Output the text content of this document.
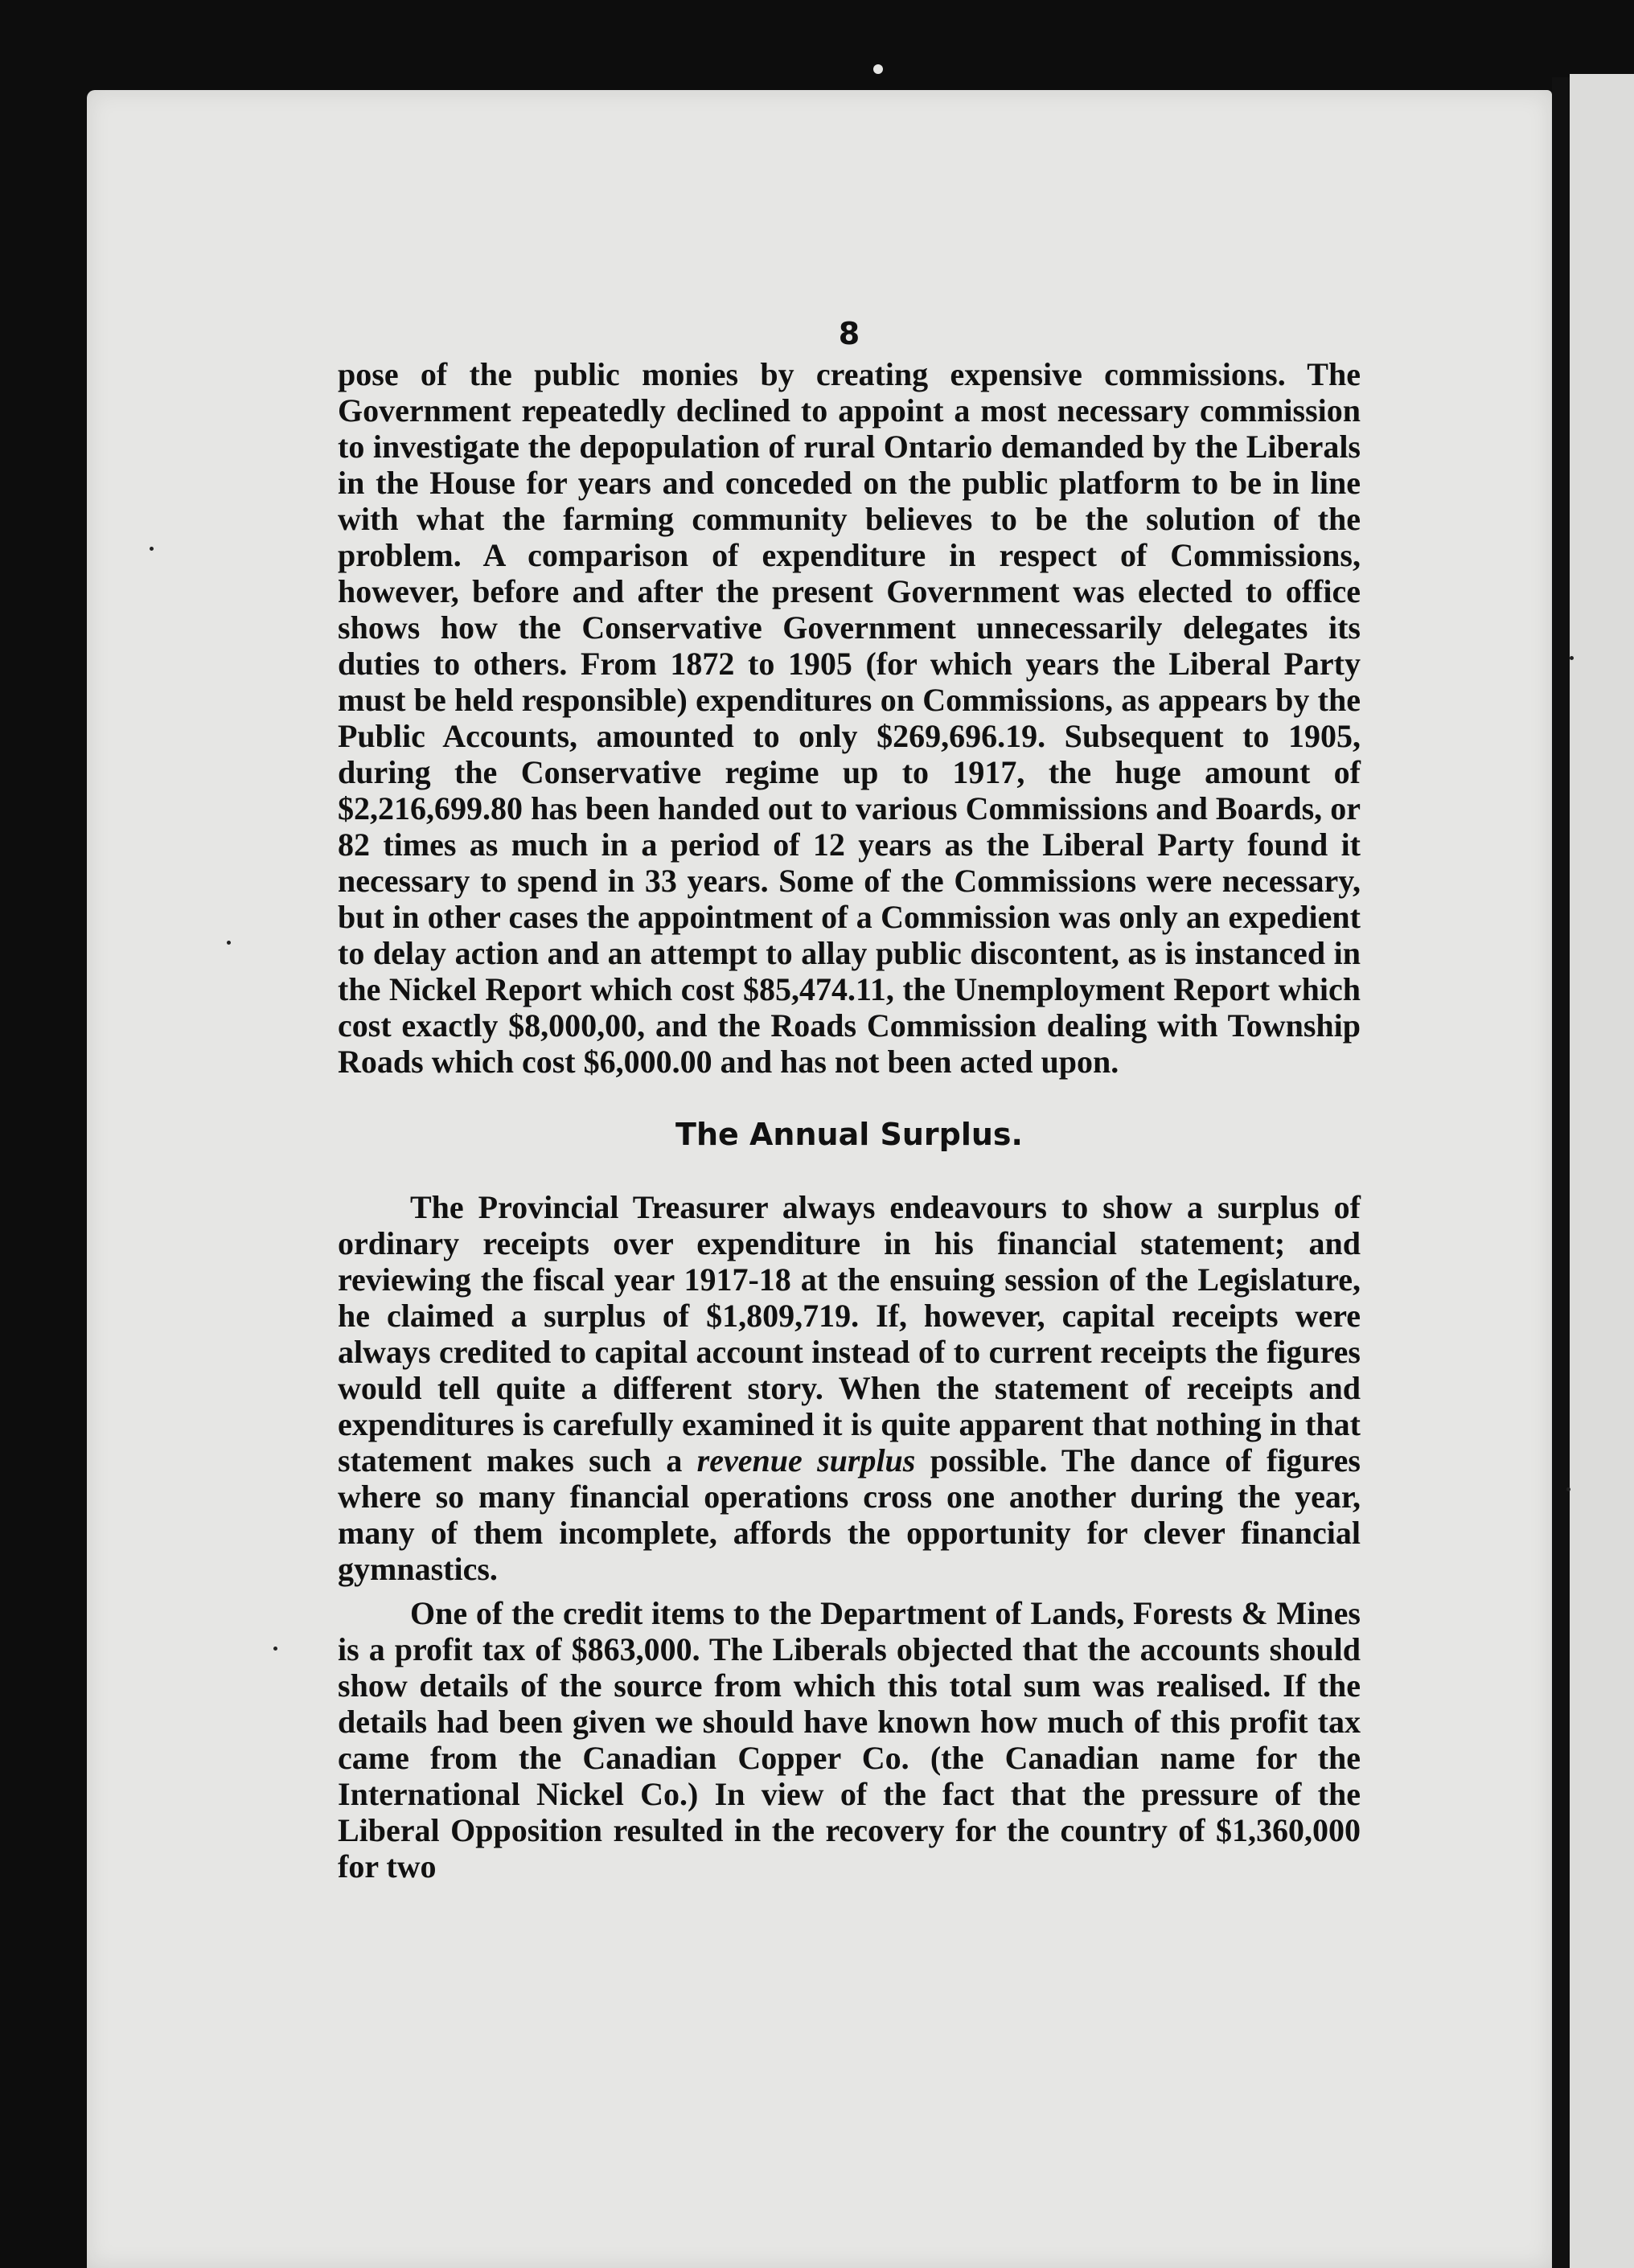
8

pose of the public monies by creating expensive commissions. The Government repeatedly declined to appoint a most necessary commission to investigate the depopulation of rural Ontario demanded by the Liberals in the House for years and conceded on the public platform to be in line with what the farming community believes to be the solution of the problem. A comparison of expenditure in respect of Commissions, however, before and after the present Government was elected to office shows how the Conservative Government unnecessarily delegates its duties to others. From 1872 to 1905 (for which years the Liberal Party must be held responsible) expenditures on Commissions, as appears by the Public Accounts, amounted to only $269,696.19. Subsequent to 1905, during the Conservative regime up to 1917, the huge amount of $2,216,699.80 has been handed out to various Commissions and Boards, or 82 times as much in a period of 12 years as the Liberal Party found it necessary to spend in 33 years. Some of the Commissions were necessary, but in other cases the appointment of a Commission was only an expedient to delay action and an attempt to allay public discontent, as is instanced in the Nickel Report which cost $85,474.11, the Unemployment Report which cost exactly $8,000,00, and the Roads Commission dealing with Township Roads which cost $6,000.00 and has not been acted upon.

The Annual Surplus.

The Provincial Treasurer always endeavours to show a surplus of ordinary receipts over expenditure in his financial statement; and reviewing the fiscal year 1917-18 at the ensuing session of the Legislature, he claimed a surplus of $1,809,719. If, however, capital receipts were always credited to capital account instead of to current receipts the figures would tell quite a different story. When the statement of receipts and expenditures is carefully examined it is quite apparent that nothing in that statement makes such a revenue surplus possible. The dance of figures where so many financial operations cross one another during the year, many of them incomplete, affords the opportunity for clever financial gymnastics.

One of the credit items to the Department of Lands, Forests & Mines is a profit tax of $863,000. The Liberals objected that the accounts should show details of the source from which this total sum was realised. If the details had been given we should have known how much of this profit tax came from the Canadian Copper Co. (the Canadian name for the International Nickel Co.) In view of the fact that the pressure of the Liberal Opposition resulted in the recovery for the country of $1,360,000 for two
